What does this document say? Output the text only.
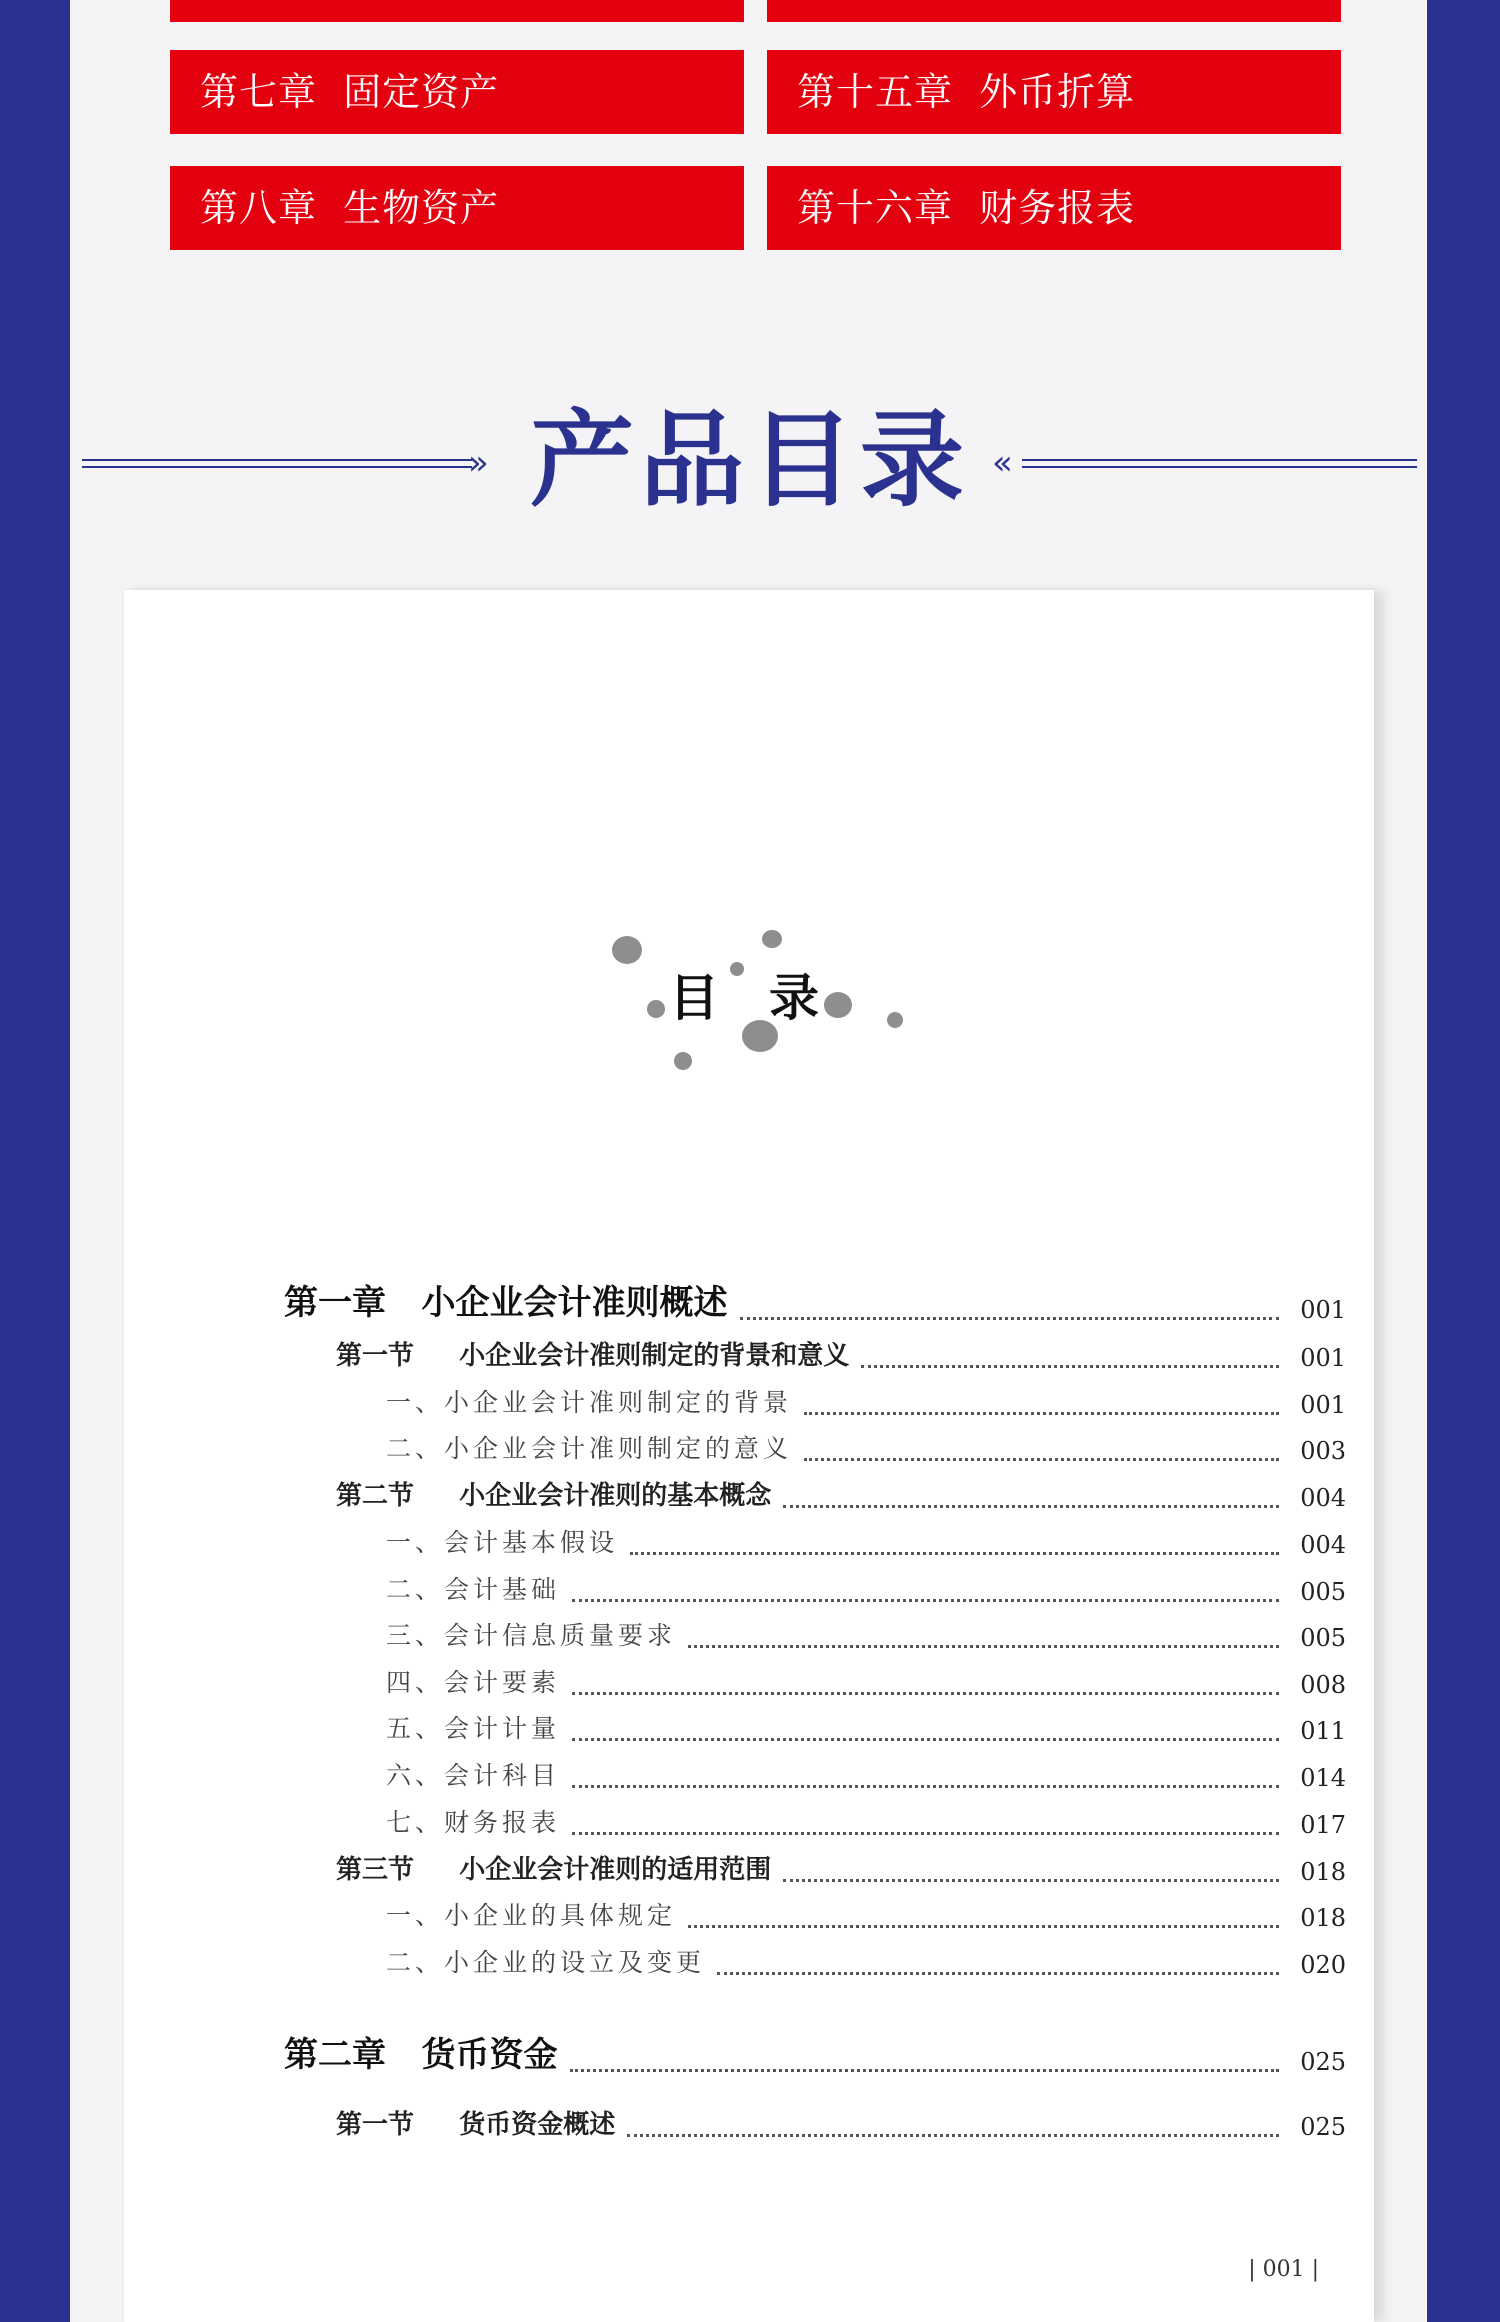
第七章  固定资产	第十五章  外币折算
第八章  生物资产	第十六章  财务报表
» 产品目录 «
目录
第一章   小企业会计准则概述	001
第一节     小企业会计准则制定的背景和意义	001
一、小企业会计准则制定的背景	001
二、小企业会计准则制定的意义	003
第二节     小企业会计准则的基本概念	004
一、会计基本假设	004
二、会计基础	005
三、会计信息质量要求	005
四、会计要素	008
五、会计计量	011
六、会计科目	014
七、财务报表	017
第三节     小企业会计准则的适用范围	018
一、小企业的具体规定	018
二、小企业的设立及变更	020
第二章   货币资金	025
第一节     货币资金概述	025
| 001 |
